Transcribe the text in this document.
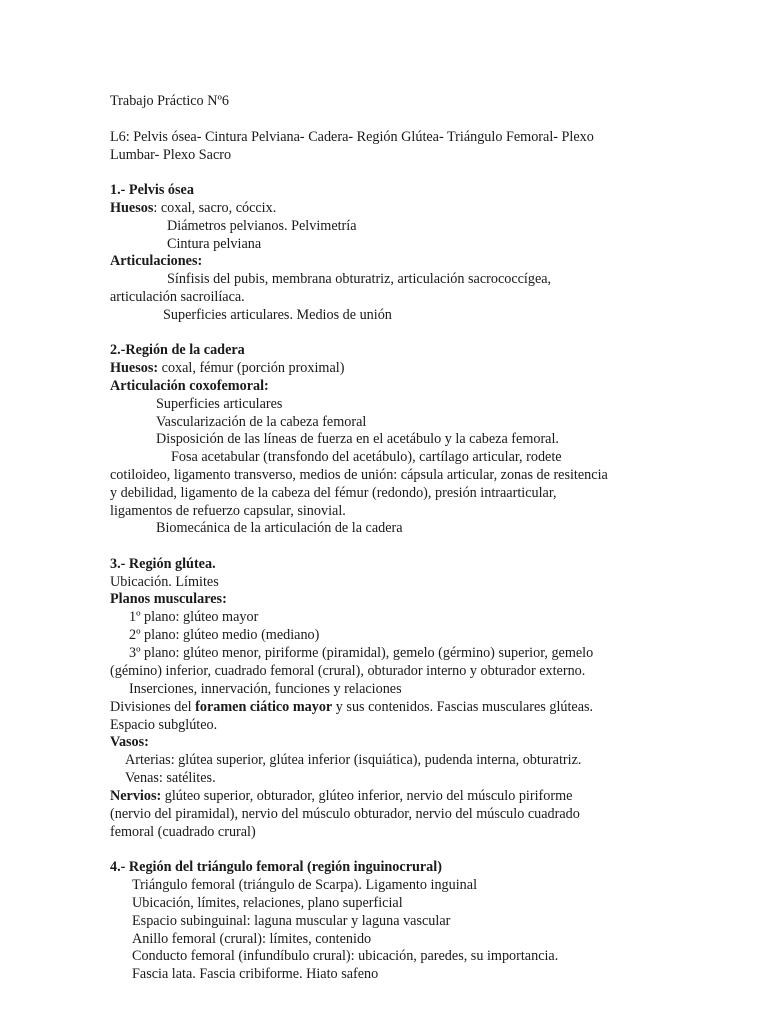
Trabajo Práctico Nº6
L6: Pelvis ósea- Cintura Pelviana- Cadera- Región Glútea- Triángulo Femoral- Plexo
Lumbar- Plexo Sacro
1.- Pelvis ósea
Huesos: coxal, sacro, cóccix.
Diámetros pelvianos. Pelvimetría
Cintura pelviana
Articulaciones:
Sínfisis del pubis, membrana obturatriz, articulación sacrococcígea,
articulación sacroilíaca.
Superficies articulares. Medios de unión
2.-Región de la cadera
Huesos: coxal, fémur (porción proximal)
Articulación coxofemoral:
Superficies articulares
Vascularización de la cabeza femoral
Disposición de las líneas de fuerza en el acetábulo y la cabeza femoral.
Fosa acetabular (transfondo del acetábulo), cartílago articular, rodete
cotiloideo, ligamento transverso, medios de unión: cápsula articular, zonas de resitencia
y debilidad, ligamento de la cabeza del fémur (redondo), presión intraarticular,
ligamentos de refuerzo capsular, sinovial.
Biomecánica de la articulación de la cadera
3.- Región glútea.
Ubicación. Límites
Planos musculares:
1º plano: glúteo mayor
2º plano: glúteo medio (mediano)
3º plano: glúteo menor, piriforme (piramidal), gemelo (gérmino) superior, gemelo
(gémino) inferior, cuadrado femoral (crural), obturador interno y obturador externo.
Inserciones, innervación, funciones y relaciones
Divisiones del foramen ciático mayor y sus contenidos. Fascias musculares glúteas.
Espacio subglúteo.
Vasos:
Arterias: glútea superior, glútea inferior (isquiática), pudenda interna, obturatriz.
Venas: satélites.
Nervios: glúteo superior, obturador, glúteo inferior, nervio del músculo piriforme
(nervio del piramidal), nervio del músculo obturador, nervio del músculo cuadrado
femoral (cuadrado crural)
4.- Región del triángulo femoral (región inguinocrural)
Triángulo femoral (triángulo de Scarpa). Ligamento inguinal
Ubicación, límites, relaciones, plano superficial
Espacio subinguinal: laguna muscular y laguna vascular
Anillo femoral (crural): límites, contenido
Conducto femoral (infundíbulo crural): ubicación, paredes, su importancia.
Fascia lata. Fascia cribiforme. Hiato safeno
